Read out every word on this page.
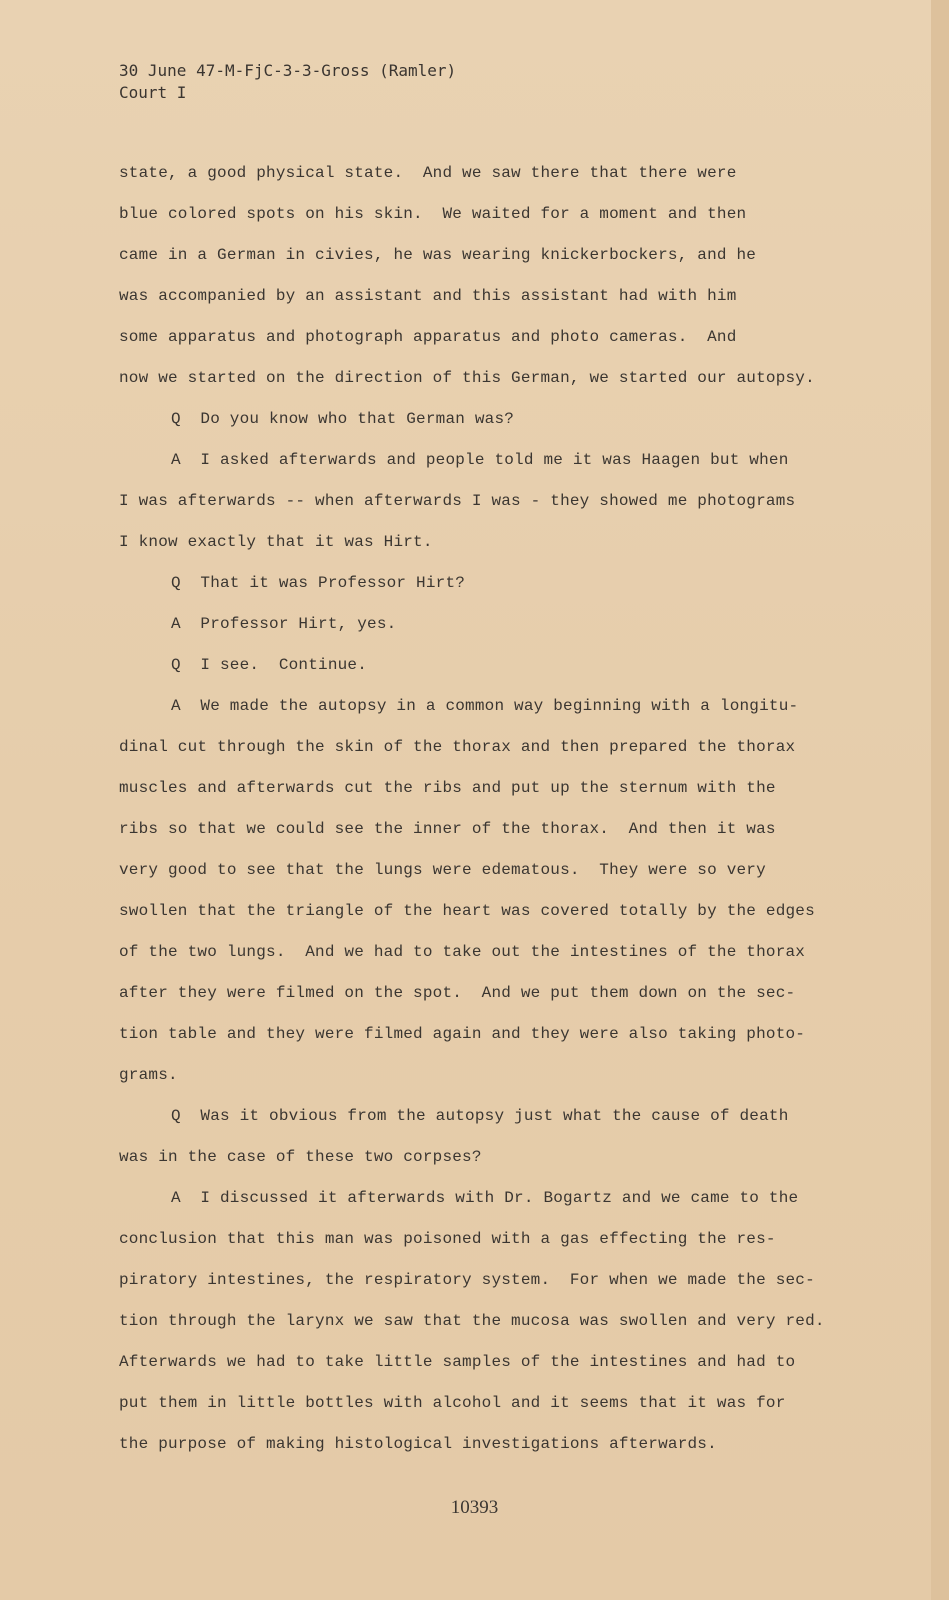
30 June 47-M-FjC-3-3-Gross (Ramler)
Court I
state, a good physical state.  And we saw there that there were
blue colored spots on his skin.  We waited for a moment and then
came in a German in civies, he was wearing knickerbockers, and he
was accompanied by an assistant and this assistant had with him
some apparatus and photograph apparatus and photo cameras.  And
now we started on the direction of this German, we started our autopsy.
Q  Do you know who that German was?
A  I asked afterwards and people told me it was Haagen but when
I was afterwards -- when afterwards I was - they showed me photograms
I know exactly that it was Hirt.
Q  That it was Professor Hirt?
A  Professor Hirt, yes.
Q  I see.  Continue.
A  We made the autopsy in a common way beginning with a longitu-
dinal cut through the skin of the thorax and then prepared the thorax
muscles and afterwards cut the ribs and put up the sternum with the
ribs so that we could see the inner of the thorax.  And then it was
very good to see that the lungs were edematous.  They were so very
swollen that the triangle of the heart was covered totally by the edges
of the two lungs.  And we had to take out the intestines of the thorax
after they were filmed on the spot.  And we put them down on the sec-
tion table and they were filmed again and they were also taking photo-
grams.
Q  Was it obvious from the autopsy just what the cause of death
was in the case of these two corpses?
A  I discussed it afterwards with Dr. Bogartz and we came to the
conclusion that this man was poisoned with a gas effecting the res-
piratory intestines, the respiratory system.  For when we made the sec-
tion through the larynx we saw that the mucosa was swollen and very red.
Afterwards we had to take little samples of the intestines and had to
put them in little bottles with alcohol and it seems that it was for
the purpose of making histological investigations afterwards.
10393
